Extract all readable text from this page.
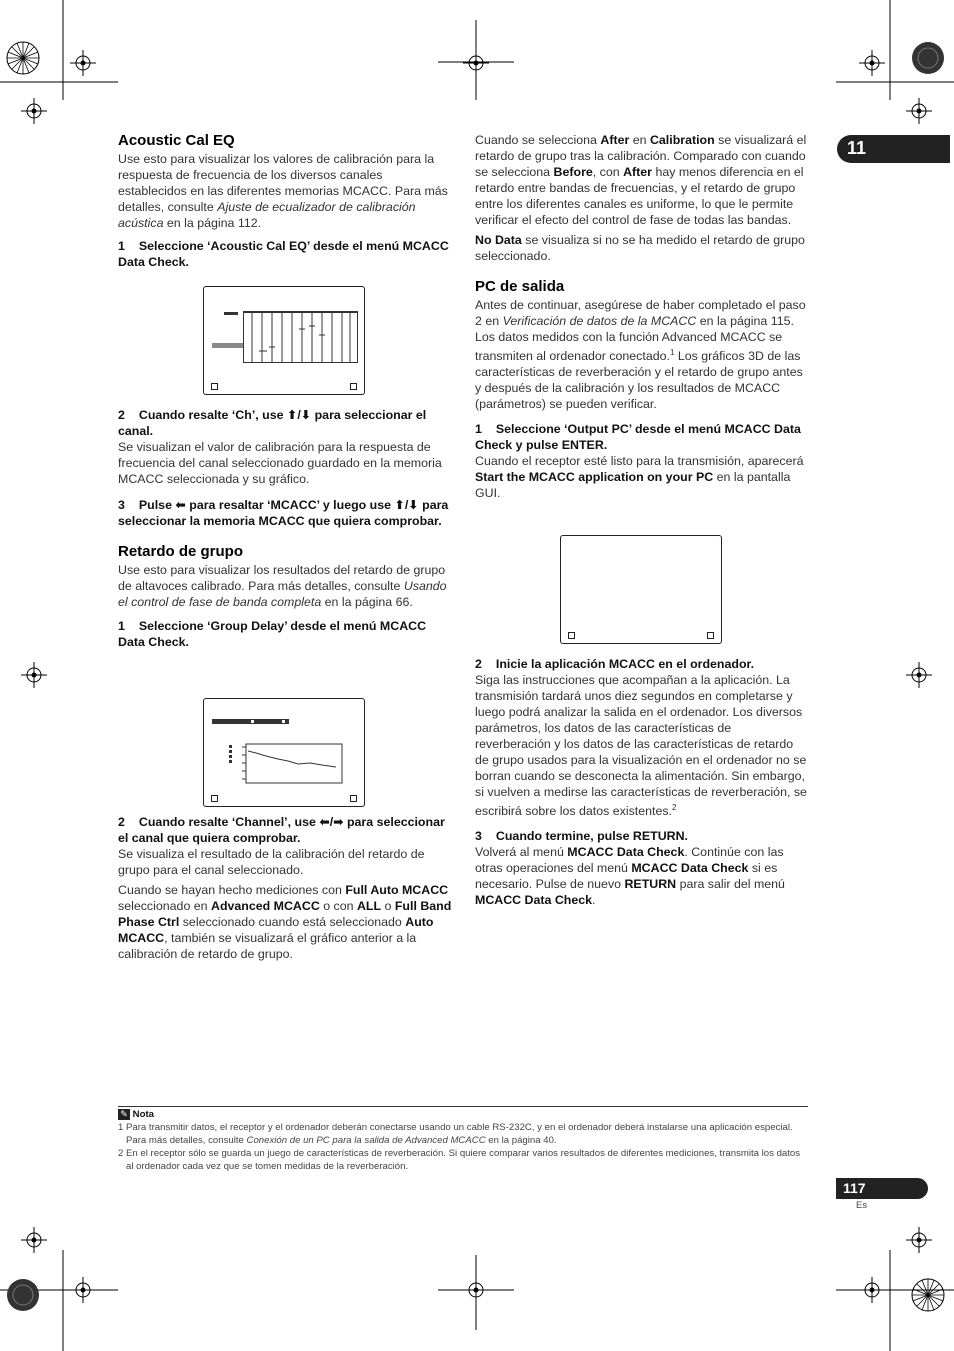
11
Acoustic Cal EQ

Use esto para visualizar los valores de calibración para la respuesta de frecuencia de los diversos canales establecidos en las diferentes memorias MCACC. Para más detalles, consulte Ajuste de ecualizador de calibración acústica en la página 112.

1 Seleccione ‘Acoustic Cal EQ’ desde el menú MCACC Data Check.

2 Cuando resalte ‘Ch’, use ⬆/⬇ para seleccionar el canal.

Se visualizan el valor de calibración para la respuesta de frecuencia del canal seleccionado guardado en la memoria MCACC seleccionada y su gráfico.

3 Pulse ⬅ para resaltar ‘MCACC’ y luego use ⬆/⬇ para seleccionar la memoria MCACC que quiera comprobar.

Retardo de grupo

Use esto para visualizar los resultados del retardo de grupo de altavoces calibrado. Para más detalles, consulte Usando el control de fase de banda completa en la página 66.

1 Seleccione ‘Group Delay’ desde el menú MCACC Data Check.

2 Cuando resalte ‘Channel’, use ⬅/➡ para seleccionar el canal que quiera comprobar.

Se visualiza el resultado de la calibración del retardo de grupo para el canal seleccionado.

Cuando se hayan hecho mediciones con Full Auto MCACC seleccionado en Advanced MCACC o con ALL o Full Band Phase Ctrl seleccionado cuando está seleccionado Auto MCACC, también se visualizará el gráfico anterior a la calibración de retardo de grupo.

Cuando se selecciona After en Calibration se visualizará el retardo de grupo tras la calibración. Comparado con cuando se selecciona Before, con After hay menos diferencia en el retardo entre bandas de frecuencias, y el retardo de grupo entre los diferentes canales es uniforme, lo que le permite verificar el efecto del control de fase de todas las bandas.

No Data se visualiza si no se ha medido el retardo de grupo seleccionado.

PC de salida

Antes de continuar, asegúrese de haber completado el paso 2 en Verificación de datos de la MCACC en la página 115. Los datos medidos con la función Advanced MCACC se transmiten al ordenador conectado.$^1$ Los gráficos 3D de las características de reverberación y el retardo de grupo antes y después de la calibración y los resultados de MCACC (parámetros) se pueden verificar.

1 Seleccione ‘Output PC’ desde el menú MCACC Data Check y pulse ENTER.

Cuando el receptor esté listo para la transmisión, aparecerá Start the MCACC application on your PC en la pantalla GUI.

2 Inicie la aplicación MCACC en el ordenador.

Siga las instrucciones que acompañan a la aplicación. La transmisión tardará unos diez segundos en completarse y luego podrá analizar la salida en el ordenador. Los diversos parámetros, los datos de las características de reverberación y los datos de las características de retardo de grupo usados para la visualización en el ordenador no se borran cuando se desconecta la alimentación. Sin embargo, si vuelven a medirse las características de reverberación, se escribirá sobre los datos existentes.$^2$

3 Cuando termine, pulse RETURN.

Volverá al menú MCACC Data Check. Continúe con las otras operaciones del menú MCACC Data Check si es necesario. Pulse de nuevo RETURN para salir del menú MCACC Data Check.

✎ Nota
1 Para transmitir datos, el receptor y el ordenador deberán conectarse usando un cable RS-232C, y en el ordenador deberá instalarse una aplicación especial. Para más detalles, consulte Conexión de un PC para la salida de Advanced MCACC en la página 40.
2 En el receptor sólo se guarda un juego de características de reverberación. Si quiere comparar varios resultados de diferentes mediciones, transmita los datos al ordenador cada vez que se tomen medidas de la reverberación.
117
Es
